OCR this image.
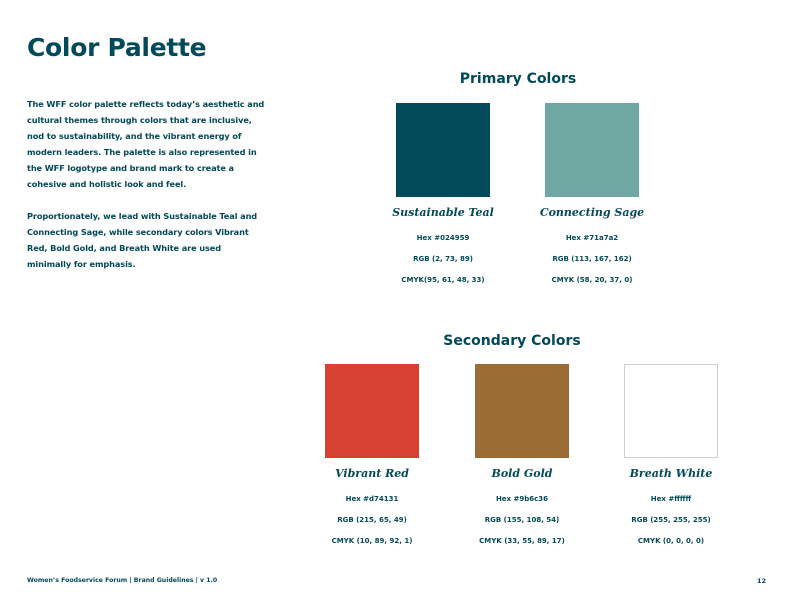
Color Palette

The WFF color palette reflects today’s aesthetic and cultural themes through colors that are inclusive, nod to sustainability, and the vibrant energy of modern leaders. The palette is also represented in the WFF logotype and brand mark to create a cohesive and holistic look and feel.

Proportionately, we lead with Sustainable Teal and Connecting Sage, while secondary colors Vibrant Red, Bold Gold, and Breath White are used minimally for emphasis.

Primary Colors
Sustainable Teal
Hex #024959
RGB (2, 73, 89)
CMYK(95, 61, 48, 33)
Connecting Sage
Hex #71a7a2
RGB (113, 167, 162)
CMYK (58, 20, 37, 0)
Secondary Colors
Vibrant Red
Hex #d74131
RGB (215, 65, 49)
CMYK (10, 89, 92, 1)
Bold Gold
Hex #9b6c36
RGB (155, 108, 54)
CMYK (33, 55, 89, 17)
Breath White
Hex #ffffff
RGB (255, 255, 255)
CMYK (0, 0, 0, 0)
Women’s Foodservice Forum | Brand Guidelines | v 1.0	12
